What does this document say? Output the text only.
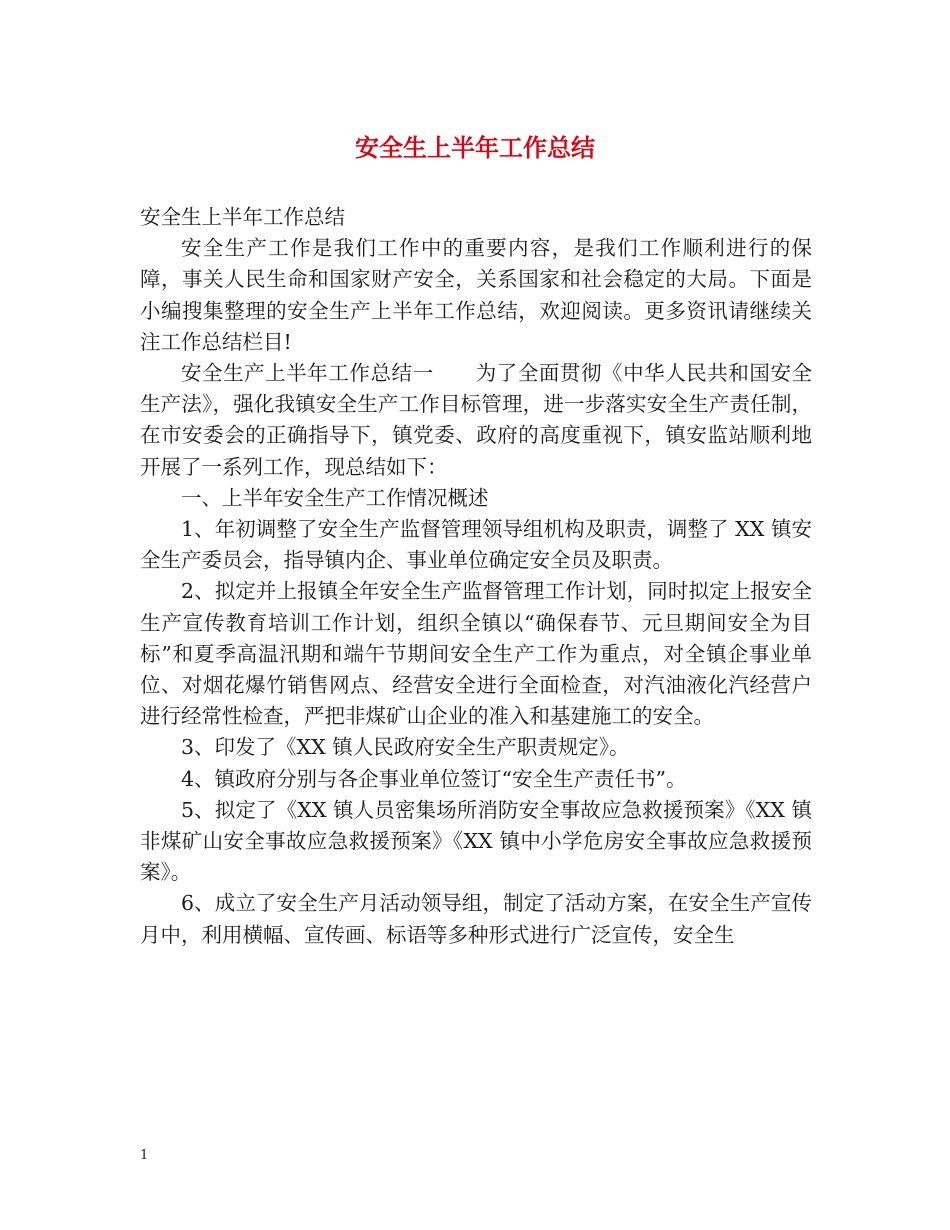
安全生上半年工作总结

安全生上半年工作总结

安全生产工作是我们工作中的重要内容，是我们工作顺利进行的保障，事关人民生命和国家财产安全，关系国家和社会稳定的大局。下面是小编搜集整理的安全生产上半年工作总结，欢迎阅读。更多资讯请继续关注工作总结栏目!

安全生产上半年工作总结一　　为了全面贯彻《中华人民共和国安全生产法》，强化我镇安全生产工作目标管理，进一步落实安全生产责任制，在市安委会的正确指导下，镇党委、政府的高度重视下，镇安监站顺利地开展了一系列工作，现总结如下：

一、上半年安全生产工作情况概述

1、年初调整了安全生产监督管理领导组机构及职责，调整了 XX 镇安全生产委员会，指导镇内企、事业单位确定安全员及职责。

2、拟定并上报镇全年安全生产监督管理工作计划，同时拟定上报安全生产宣传教育培训工作计划，组织全镇以“确保春节、元旦期间安全为目标”和夏季高温汛期和端午节期间安全生产工作为重点，对全镇企事业单位、对烟花爆竹销售网点、经营安全进行全面检查，对汽油液化汽经营户进行经常性检查，严把非煤矿山企业的准入和基建施工的安全。

3、印发了《XX 镇人民政府安全生产职责规定》。

4、镇政府分别与各企事业单位签订“安全生产责任书”。

5、拟定了《XX 镇人员密集场所消防安全事故应急救援预案》《XX 镇非煤矿山安全事故应急救援预案》《XX 镇中小学危房安全事故应急救援预案》。

6、成立了安全生产月活动领导组，制定了活动方案，在安全生产宣传月中，利用横幅、宣传画、标语等多种形式进行广泛宣传，安全生

1
